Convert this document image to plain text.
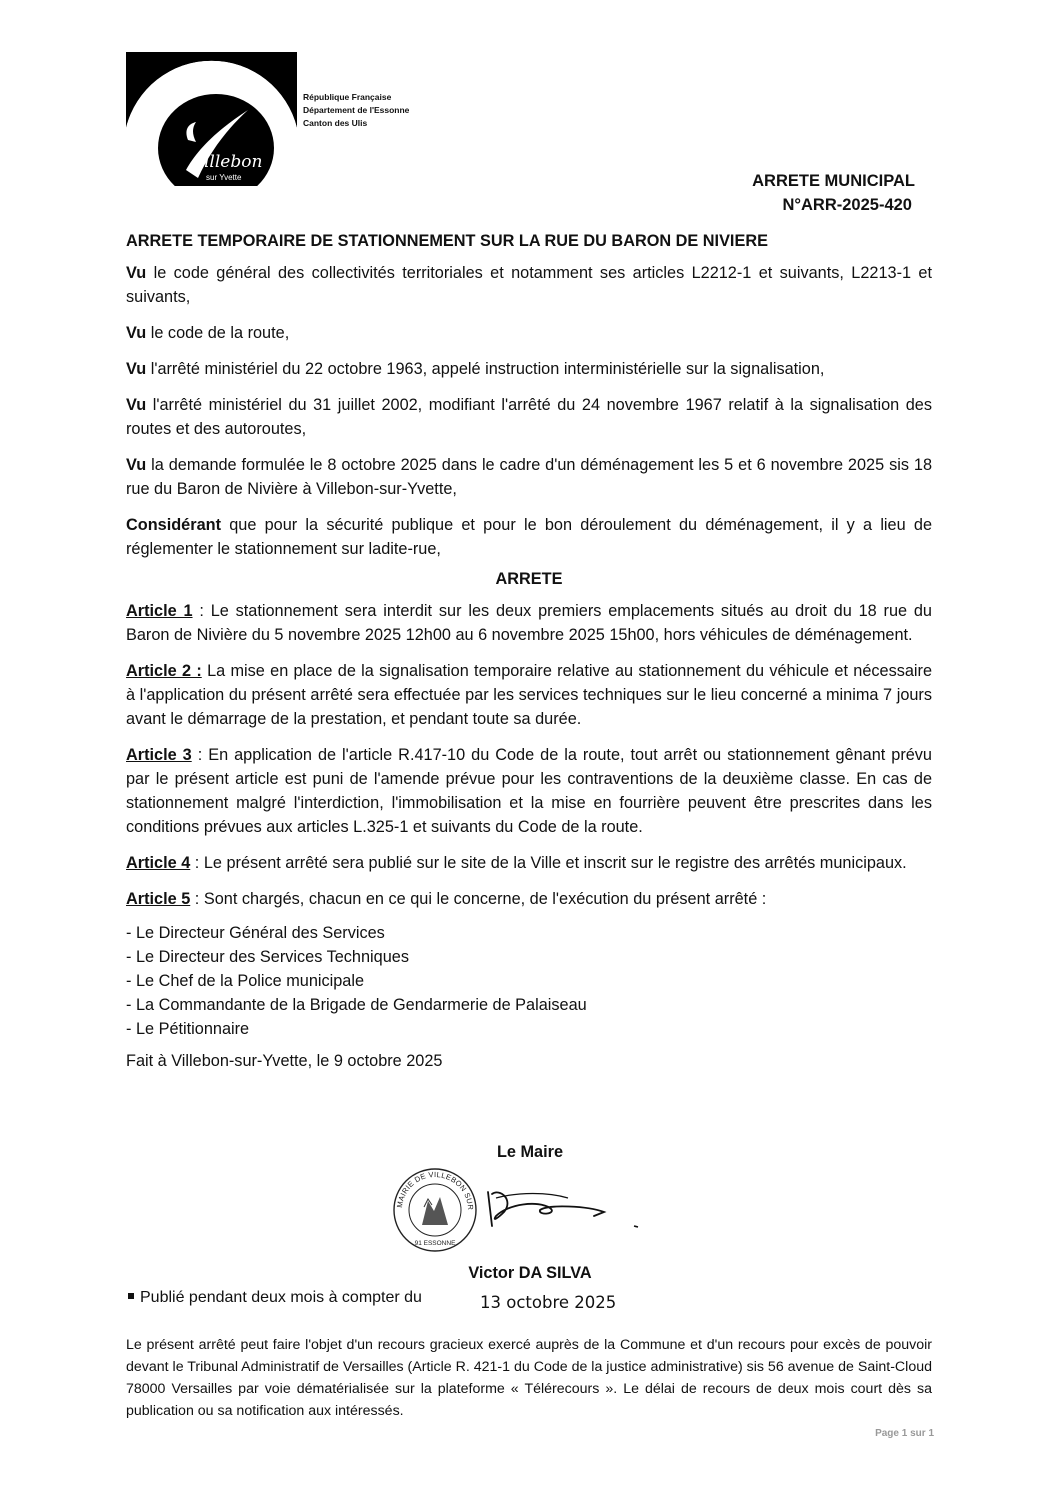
illebon
sur Yvette
République Française
Département de l'Essonne
Canton des Ulis
ARRETE MUNICIPAL
N°ARR-2025-420

ARRETE TEMPORAIRE DE STATIONNEMENT SUR LA RUE DU BARON DE NIVIERE

Vu le code général des collectivités territoriales et notamment ses articles L2212-1 et suivants, L2213-1 et suivants,

Vu le code de la route,

Vu l'arrêté ministériel du 22 octobre 1963, appelé instruction interministérielle sur la signalisation,

Vu l'arrêté ministériel du 31 juillet 2002, modifiant l'arrêté du 24 novembre 1967 relatif à la signalisation des routes et des autoroutes,

Vu la demande formulée le 8 octobre 2025 dans le cadre d'un déménagement les 5 et 6 novembre 2025 sis 18 rue du Baron de Nivière à Villebon-sur-Yvette,

Considérant que pour la sécurité publique et pour le bon déroulement du déménagement, il y a lieu de réglementer le stationnement sur ladite-rue,

ARRETE

Article 1 : Le stationnement sera interdit sur les deux premiers emplacements situés au droit du 18 rue du Baron de Nivière du 5 novembre 2025 12h00 au 6 novembre 2025 15h00, hors véhicules de déménagement.

Article 2 : La mise en place de la signalisation temporaire relative au stationnement du véhicule et nécessaire à l'application du présent arrêté sera effectuée par les services techniques sur le lieu concerné a minima 7 jours avant le démarrage de la prestation, et pendant toute sa durée.

Article 3 : En application de l'article R.417-10 du Code de la route, tout arrêt ou stationnement gênant prévu par le présent article est puni de l'amende prévue pour les contraventions de la deuxième classe. En cas de stationnement malgré l'interdiction, l'immobilisation et la mise en fourrière peuvent être prescrites dans les conditions prévues aux articles L.325-1 et suivants du Code de la route.

Article 4 : Le présent arrêté sera publié sur le site de la Ville et inscrit sur le registre des arrêtés municipaux.

Article 5 : Sont chargés, chacun en ce qui le concerne, de l'exécution du présent arrêté :

- Le Directeur Général des Services
- Le Directeur des Services Techniques
- Le Chef de la Police municipale
- La Commandante de la Brigade de Gendarmerie de Palaiseau
- Le Pétitionnaire

Fait à Villebon-sur-Yvette, le 9 octobre 2025

Le Maire
MAIRIE DE VILLEBON SUR
91 ESSONNE
Victor DA SILVA
Publié pendant deux mois à compter du	13 octobre 2025
Le présent arrêté peut faire l'objet d'un recours gracieux exercé auprès de la Commune et d'un recours pour excès de pouvoir devant le Tribunal Administratif de Versailles (Article R. 421-1 du Code de la justice administrative) sis 56 avenue de Saint-Cloud 78000 Versailles par voie dématérialisée sur la plateforme « Télérecours ». Le délai de recours de deux mois court dès sa publication ou sa notification aux intéressés.
Page 1 sur 1
